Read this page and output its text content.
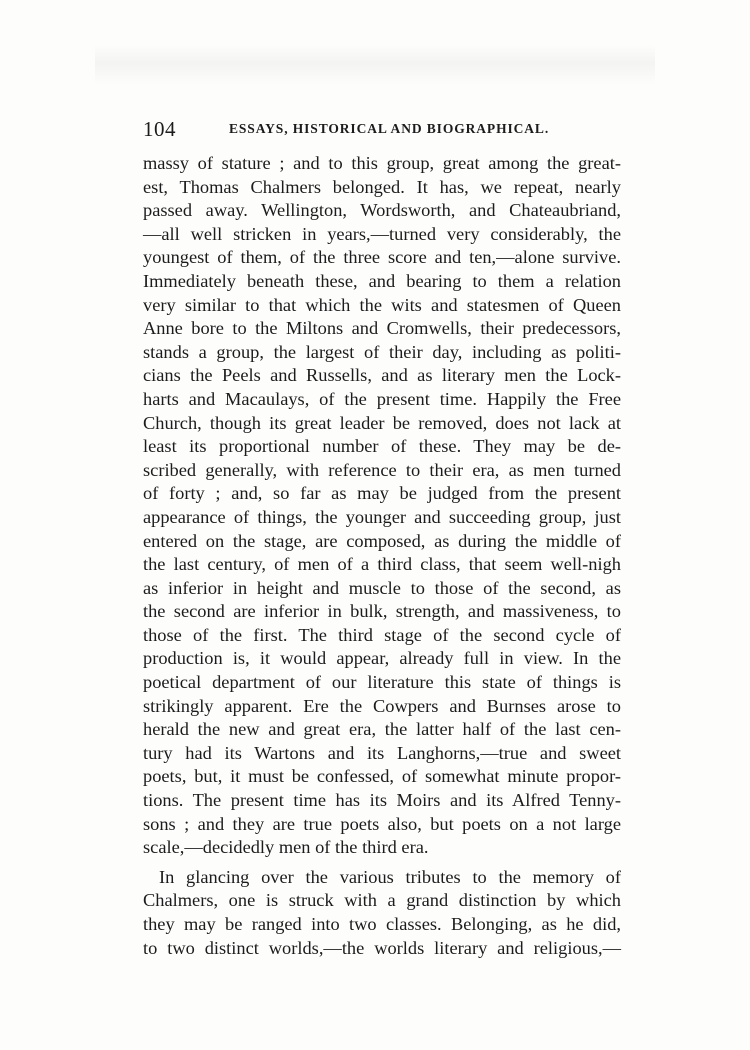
104	ESSAYS, HISTORICAL AND BIOGRAPHICAL.
massy of stature ; and to this group, great among the great-
est, Thomas Chalmers belonged. It has, we repeat, nearly
passed away. Wellington, Wordsworth, and Chateaubriand,
—all well stricken in years,—turned very considerably, the
youngest of them, of the three score and ten,—alone survive.
Immediately beneath these, and bearing to them a relation
very similar to that which the wits and statesmen of Queen
Anne bore to the Miltons and Cromwells, their predecessors,
stands a group, the largest of their day, including as politi-
cians the Peels and Russells, and as literary men the Lock-
harts and Macaulays, of the present time. Happily the Free
Church, though its great leader be removed, does not lack at
least its proportional number of these. They may be de-
scribed generally, with reference to their era, as men turned
of forty ; and, so far as may be judged from the present
appearance of things, the younger and succeeding group, just
entered on the stage, are composed, as during the middle of
the last century, of men of a third class, that seem well-nigh
as inferior in height and muscle to those of the second, as
the second are inferior in bulk, strength, and massiveness, to
those of the first. The third stage of the second cycle of
production is, it would appear, already full in view. In the
poetical department of our literature this state of things is
strikingly apparent. Ere the Cowpers and Burnses arose to
herald the new and great era, the latter half of the last cen-
tury had its Wartons and its Langhorns,—true and sweet
poets, but, it must be confessed, of somewhat minute propor-
tions. The present time has its Moirs and its Alfred Tenny-
sons ; and they are true poets also, but poets on a not large
scale,—decidedly men of the third era.
In glancing over the various tributes to the memory of
Chalmers, one is struck with a grand distinction by which
they may be ranged into two classes. Belonging, as he did,
to two distinct worlds,—the worlds literary and religious,—
